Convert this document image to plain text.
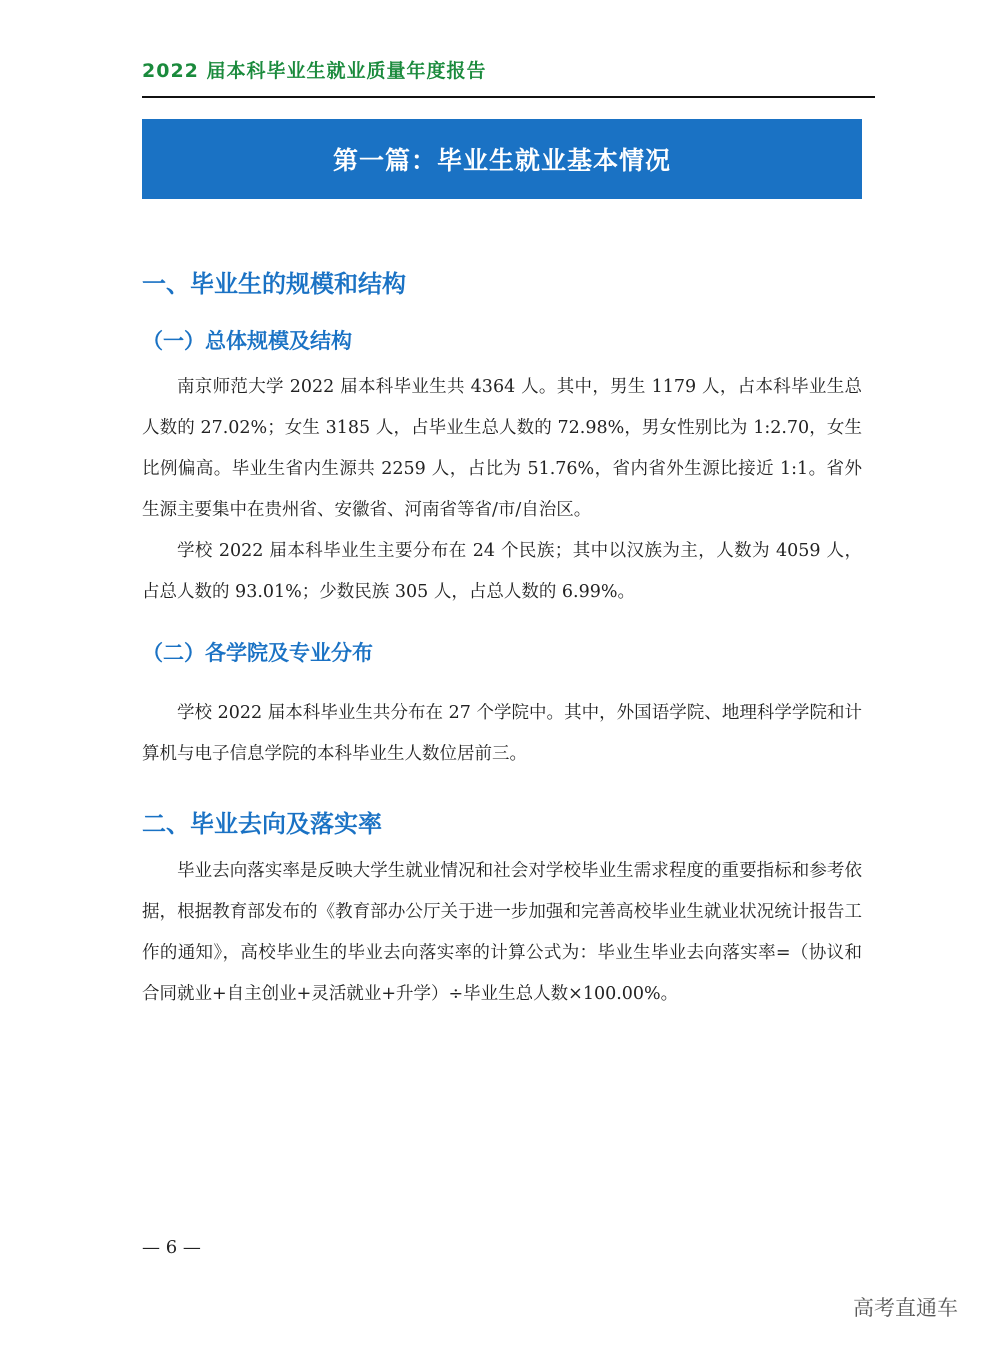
2022 届本科毕业生就业质量年度报告
第一篇：毕业生就业基本情况
一、毕业生的规模和结构
（一）总体规模及结构

南京师范大学 2022 届本科毕业生共 4364 人。其中，男生 1179 人，占本科毕业生总人数的 27.02%；女生 3185 人，占毕业生总人数的 72.98%，男女性别比为 1:2.70，女生比例偏高。毕业生省内生源共 2259 人，占比为 51.76%，省内省外生源比接近 1:1。省外生源主要集中在贵州省、安徽省、河南省等省/市/自治区。

学校 2022 届本科毕业生主要分布在 24 个民族；其中以汉族为主，人数为 4059 人，占总人数的 93.01%；少数民族 305 人，占总人数的 6.99%。

（二）各学院及专业分布

学校 2022 届本科毕业生共分布在 27 个学院中。其中，外国语学院、地理科学学院和计算机与电子信息学院的本科毕业生人数位居前三。

二、毕业去向及落实率

毕业去向落实率是反映大学生就业情况和社会对学校毕业生需求程度的重要指标和参考依据，根据教育部发布的《教育部办公厅关于进一步加强和完善高校毕业生就业状况统计报告工作的通知》，高校毕业生的毕业去向落实率的计算公式为：毕业生毕业去向落实率=（协议和合同就业+自主创业+灵活就业+升学）÷毕业生总人数×100.00%。

— 6 —
高考直通车
